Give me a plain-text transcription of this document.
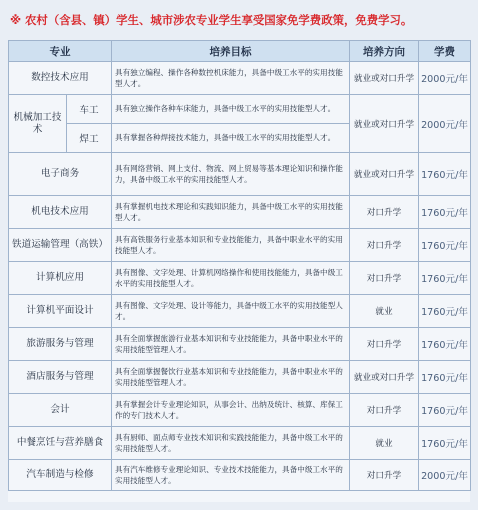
※ 农村（含县、镇）学生、城市涉农专业学生享受国家免学费政策，免费学习。
专业		培养目标	培养方向	学费
数控技术应用		具有独立编程、操作各种数控机床能力，具备中级工水平的实用技能型人才。	就业或对口升学	2000元/年
机械加工技术	车工	具有独立操作各种车床能力，具备中级工水平的实用技能型人才。	就业或对口升学	2000元/年
	焊工	具有掌握各种焊接技术能力，具备中级工水平的实用技能型人才。		
电子商务		具有网络营销、网上支付、物流、网上贸易等基本理论知识和操作能力，具备中级工水平的实用技能型人才。	就业或对口升学	1760元/年
机电技术应用		具有掌握机电技术理论和实践知识能力，具备中级工水平的实用技能型人才。	对口升学	1760元/年
铁道运输管理（高铁）		具有高铁服务行业基本知识和专业技能能力，具备中职业水平的实用技能型人才。	对口升学	1760元/年
计算机应用		具有图像、文字处理、计算机网络操作和使用技能能力，具备中级工水平的实用技能型人才。	对口升学	1760元/年
计算机平面设计		具有图像、文字处理、设计等能力，具备中级工水平的实用技能型人才。	就业	1760元/年
旅游服务与管理		具有全面掌握旅游行业基本知识和专业技能能力，具备中职业水平的实用技能型管理人才。	对口升学	1760元/年
酒店服务与管理		具有全面掌握餐饮行业基本知识和专业技能能力，具备中职业水平的实用技能型管理人才。	就业或对口升学	1760元/年
会计		具有掌握会计专业理论知识，从事会计、出纳及统计、核算、库保工作的专门技术人才。	对口升学	1760元/年
中餐烹饪与营养膳食		具有厨师、面点师专业技术知识和实践技能能力，具备中级工水平的实用技能型人才。	就业	1760元/年
汽车制造与检修		具有汽车维修专业理论知识、专业技术技能能力，具备中级工水平的实用技能型人才。	对口升学	2000元/年
